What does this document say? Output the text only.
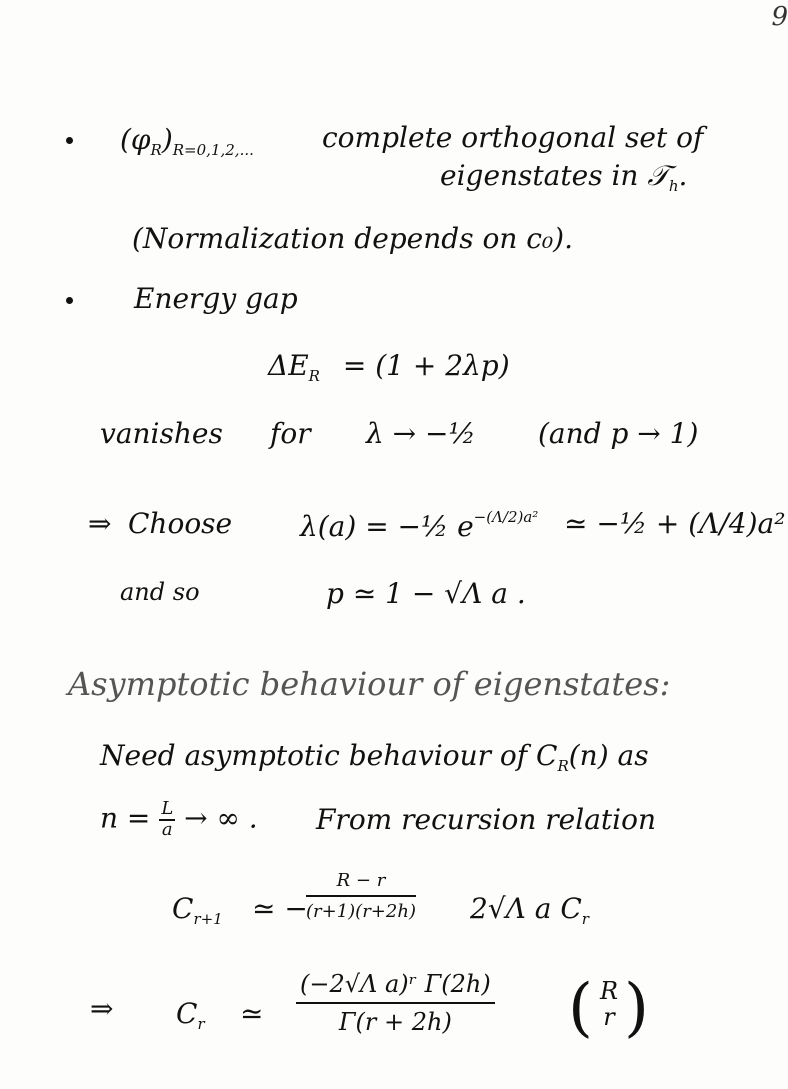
9
$(\varphi_R)_{R=0,1,2,...}$ complete orthogonal set of
eigenstates in 𝒯$_h$.
(Normalization depends on c₀).
Energy gap
$\Delta E_R = (1 + 2\lambda p)$
vanishes for λ → −½ (and p → 1)
⇒ Choose λ(a) = −½ $e^{-(\Lambda/2)a^2}$ ≃ −½ + (Λ/4)a²
and so	p ≃ 1 − √Λ a .
Asymptotic behaviour of eigenstates:
Need asymptotic behaviour of $C_R(n)$ as
$n = \frac{L}{a}$ → ∞ . From recursion relation
$C_{r+1}$ ≃ −
$\frac{R - r}{(r+1)(r+2h)} 2√\Lambda$ a $C_r$
⇒ $C_r$ ≃ $\frac{\text{(−2√Λ a)ʳ Γ(2h)}}{\Gamma(r + 2h)}$ ( R
r )
